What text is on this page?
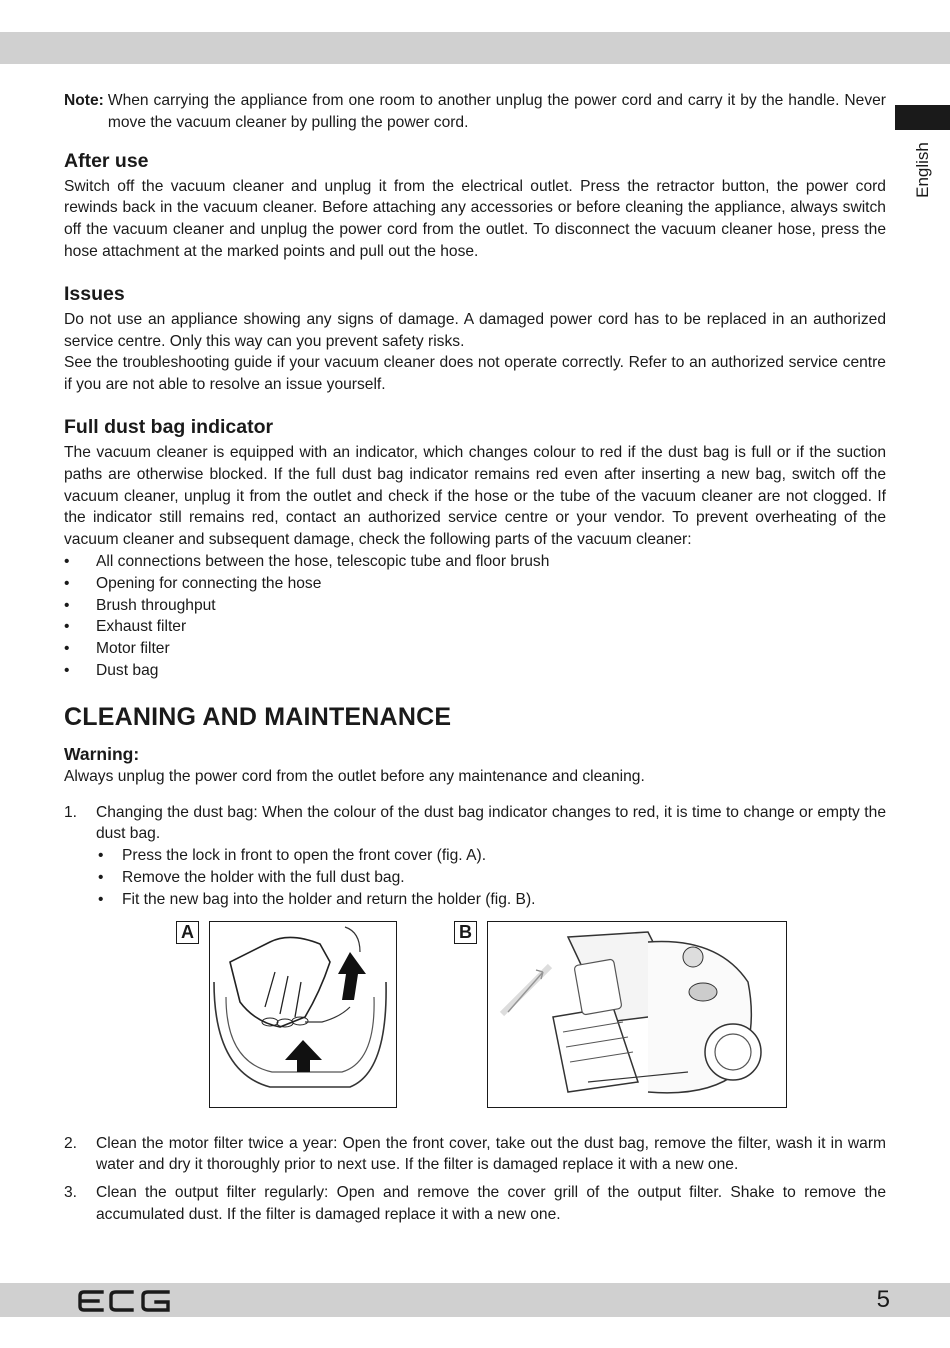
English
Note: When carrying the appliance from one room to another unplug the power cord and carry it by the handle. Never move the vacuum cleaner by pulling the power cord.
After use

Switch off the vacuum cleaner and unplug it from the electrical outlet. Press the retractor button, the power cord rewinds back in the vacuum cleaner. Before attaching any accessories or before cleaning the appliance, always switch off the vacuum cleaner and unplug the power cord from the outlet. To disconnect the vacuum cleaner hose, press the hose attachment at the marked points and pull out the hose.

Issues

Do not use an appliance showing any signs of damage. A damaged power cord has to be replaced in an authorized service centre. Only this way can you prevent safety risks.

See the troubleshooting guide if your vacuum cleaner does not operate correctly. Refer to an authorized service centre if you are not able to resolve an issue yourself.

Full dust bag indicator

The vacuum cleaner is equipped with an indicator, which changes colour to red if the dust bag is full or if the suction paths are otherwise blocked. If the full dust bag indicator remains red even after inserting a new bag, switch off the vacuum cleaner, unplug it from the outlet and check if the hose or the tube of the vacuum cleaner are not clogged. If the indicator still remains red, contact an authorized service centre or your vendor. To prevent overheating of the vacuum cleaner and subsequent damage, check the following parts of the vacuum cleaner:

• All connections between the hose, telescopic tube and floor brush
• Opening for connecting the hose
• Brush throughput
• Exhaust filter
• Motor filter
• Dust bag
CLEANING AND MAINTENANCE
Warning:

Always unplug the power cord from the outlet before any maintenance and cleaning.

1. Changing the dust bag: When the colour of the dust bag indicator changes to red, it is time to change or empty the dust bag.
• Press the lock in front to open the front cover (fig. A).
• Remove the holder with the full dust bag.
• Fit the new bag into the holder and return the holder (fig. B).
A	B
2. Clean the motor filter twice a year: Open the front cover, take out the dust bag, remove the filter, wash it in warm water and dry it thoroughly prior to next use. If the filter is damaged replace it with a new one.
3. Clean the output filter regularly: Open and remove the cover grill of the output filter. Shake to remove the accumulated dust. If the filter is damaged replace it with a new one.
5
